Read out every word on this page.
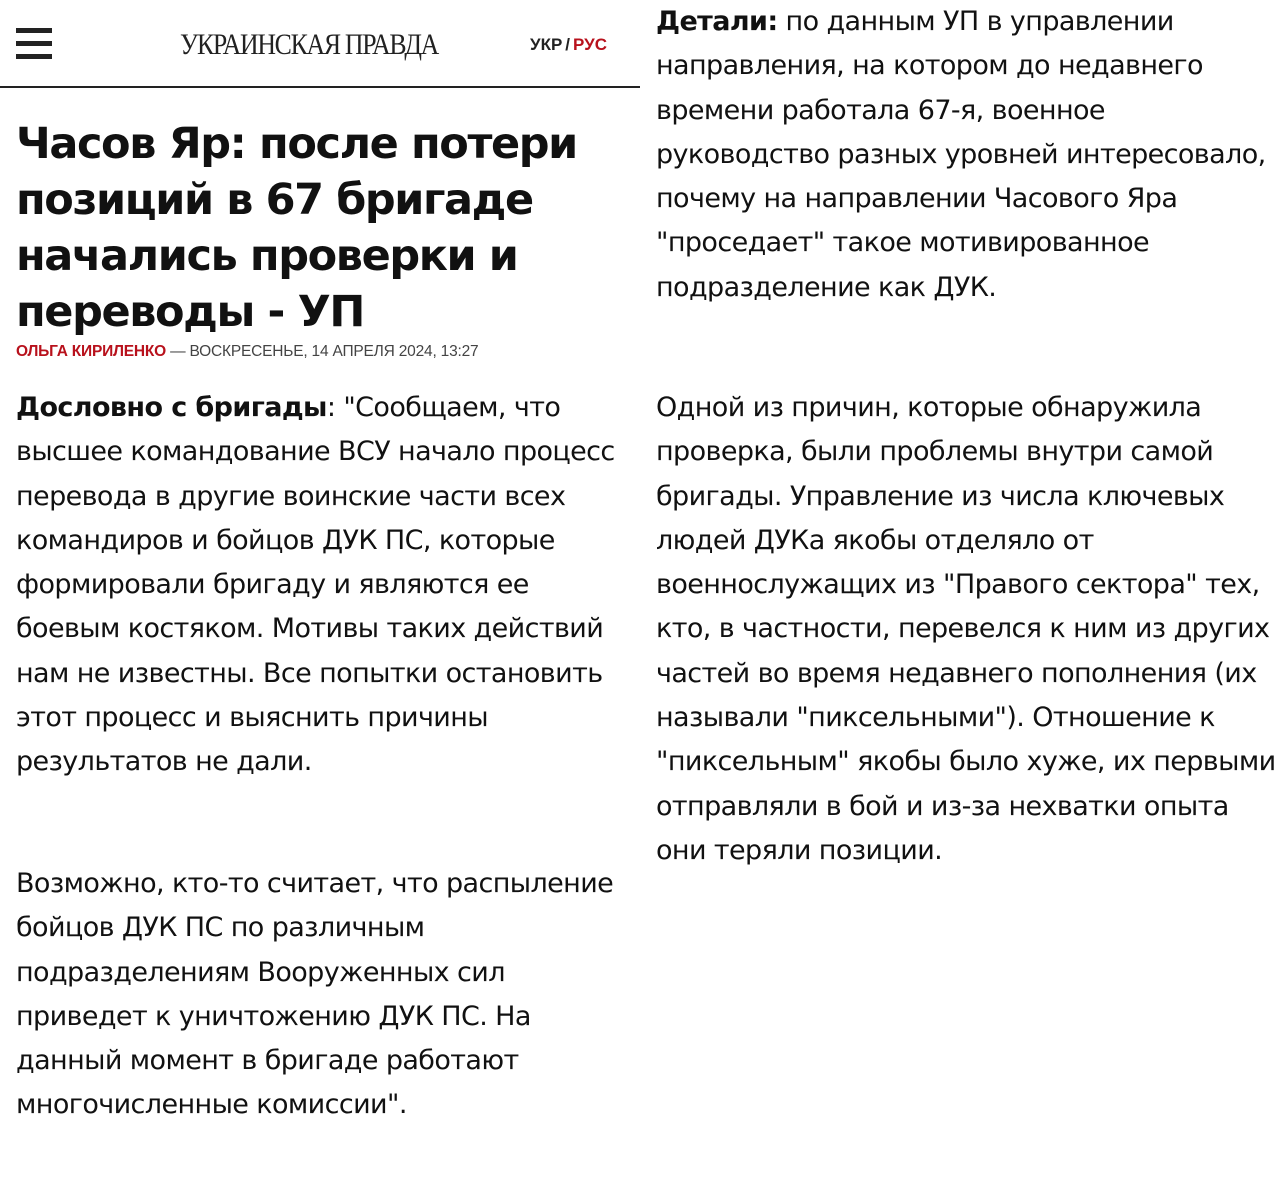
УКРАИНСКАЯ ПРАВДА	УКР / РУС
Часов Яр: после потери позиций в 67 бригаде начались проверки и переводы - УП
ОЛЬГА КИРИЛЕНКО — ВОСКРЕСЕНЬЕ, 14 АПРЕЛЯ 2024, 13:27

Дословно с бригады: "Сообщаем, что высшее командование ВСУ начало процесс перевода в другие воинские части всех командиров и бойцов ДУК ПС, которые формировали бригаду и являются ее боевым костяком. Мотивы таких действий нам не известны. Все попытки остановить этот процесс и выяснить причины результатов не дали.

Возможно, кто-то считает, что распыление бойцов ДУК ПС по различным подразделениям Вооруженных сил приведет к уничтожению ДУК ПС. На данный момент в бригаде работают многочисленные комиссии".

Детали: по данным УП в управлении направления, на котором до недавнего времени работала 67-я, военное руководство разных уровней интересовало, почему на направлении Часового Яра "проседает" такое мотивированное подразделение как ДУК.

Одной из причин, которые обнаружила проверка, были проблемы внутри самой бригады. Управление из числа ключевых людей ДУКа якобы отделяло от военнослужащих из "Правого сектора" тех, кто, в частности, перевелся к ним из других частей во время недавнего пополнения (их называли "пиксельными"). Отношение к "пиксельным" якобы было хуже, их первыми отправляли в бой и из-за нехватки опыта они теряли позиции.
